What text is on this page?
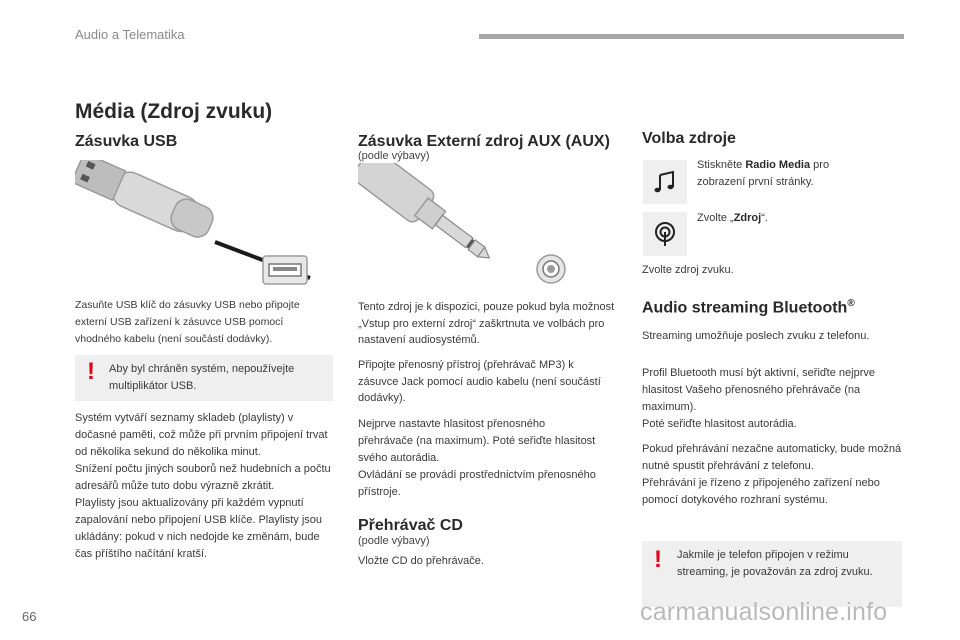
Audio a Telematika
Média (Zdroj zvuku)
Zásuvka USB
Zasuňte USB klíč do zásuvky USB nebo připojte externí USB zařízení k zásuvce USB pomocí vhodného kabelu (není součástí dodávky).
! Aby byl chráněn systém, nepoužívejte multiplikátor USB.
Systém vytváří seznamy skladeb (playlisty) v dočasné paměti, což může při prvním připojení trvat od několika sekund do několika minut.
Snížení počtu jiných souborů než hudebních a počtu adresářů může tuto dobu výrazně zkrátit.
Playlisty jsou aktualizovány při každém vypnutí zapalování nebo připojení USB klíče. Playlisty jsou ukládány: pokud v nich nedojde ke změnám, bude čas příštího načítání kratší.
Zásuvka Externí zdroj AUX (AUX)
(podle výbavy)
Tento zdroj je k dispozici, pouze pokud byla možnost „Vstup pro externí zdroj“ zaškrtnuta ve volbách pro nastavení audiosystémů.
Připojte přenosný přístroj (přehrávač MP3) k zásuvce Jack pomocí audio kabelu (není součástí dodávky).
Nejprve nastavte hlasitost přenosného přehrávače (na maximum). Poté seřiďte hlasitost svého autorádia.
Ovládání se provádí prostřednictvím přenosného přístroje.
Přehrávač CD
(podle výbavy)
Vložte CD do přehrávače.
Volba zdroje
Stiskněte Radio Media pro zobrazení první stránky.
Zvolte „Zdroj“.
Zvolte zdroj zvuku.
Audio streaming Bluetooth®
Streaming umožňuje poslech zvuku z telefonu.
Profil Bluetooth musí být aktivní, seřiďte nejprve hlasitost Vašeho přenosného přehrávače (na maximum).
Poté seřiďte hlasitost autorádia.
Pokud přehrávání nezačne automaticky, bude možná nutné spustit přehrávání z telefonu.
Přehrávání je řízeno z připojeného zařízení nebo pomocí dotykového rozhraní systému.
! Jakmile je telefon připojen v režimu streaming, je považován za zdroj zvuku.
66	carmanualsonline.info
